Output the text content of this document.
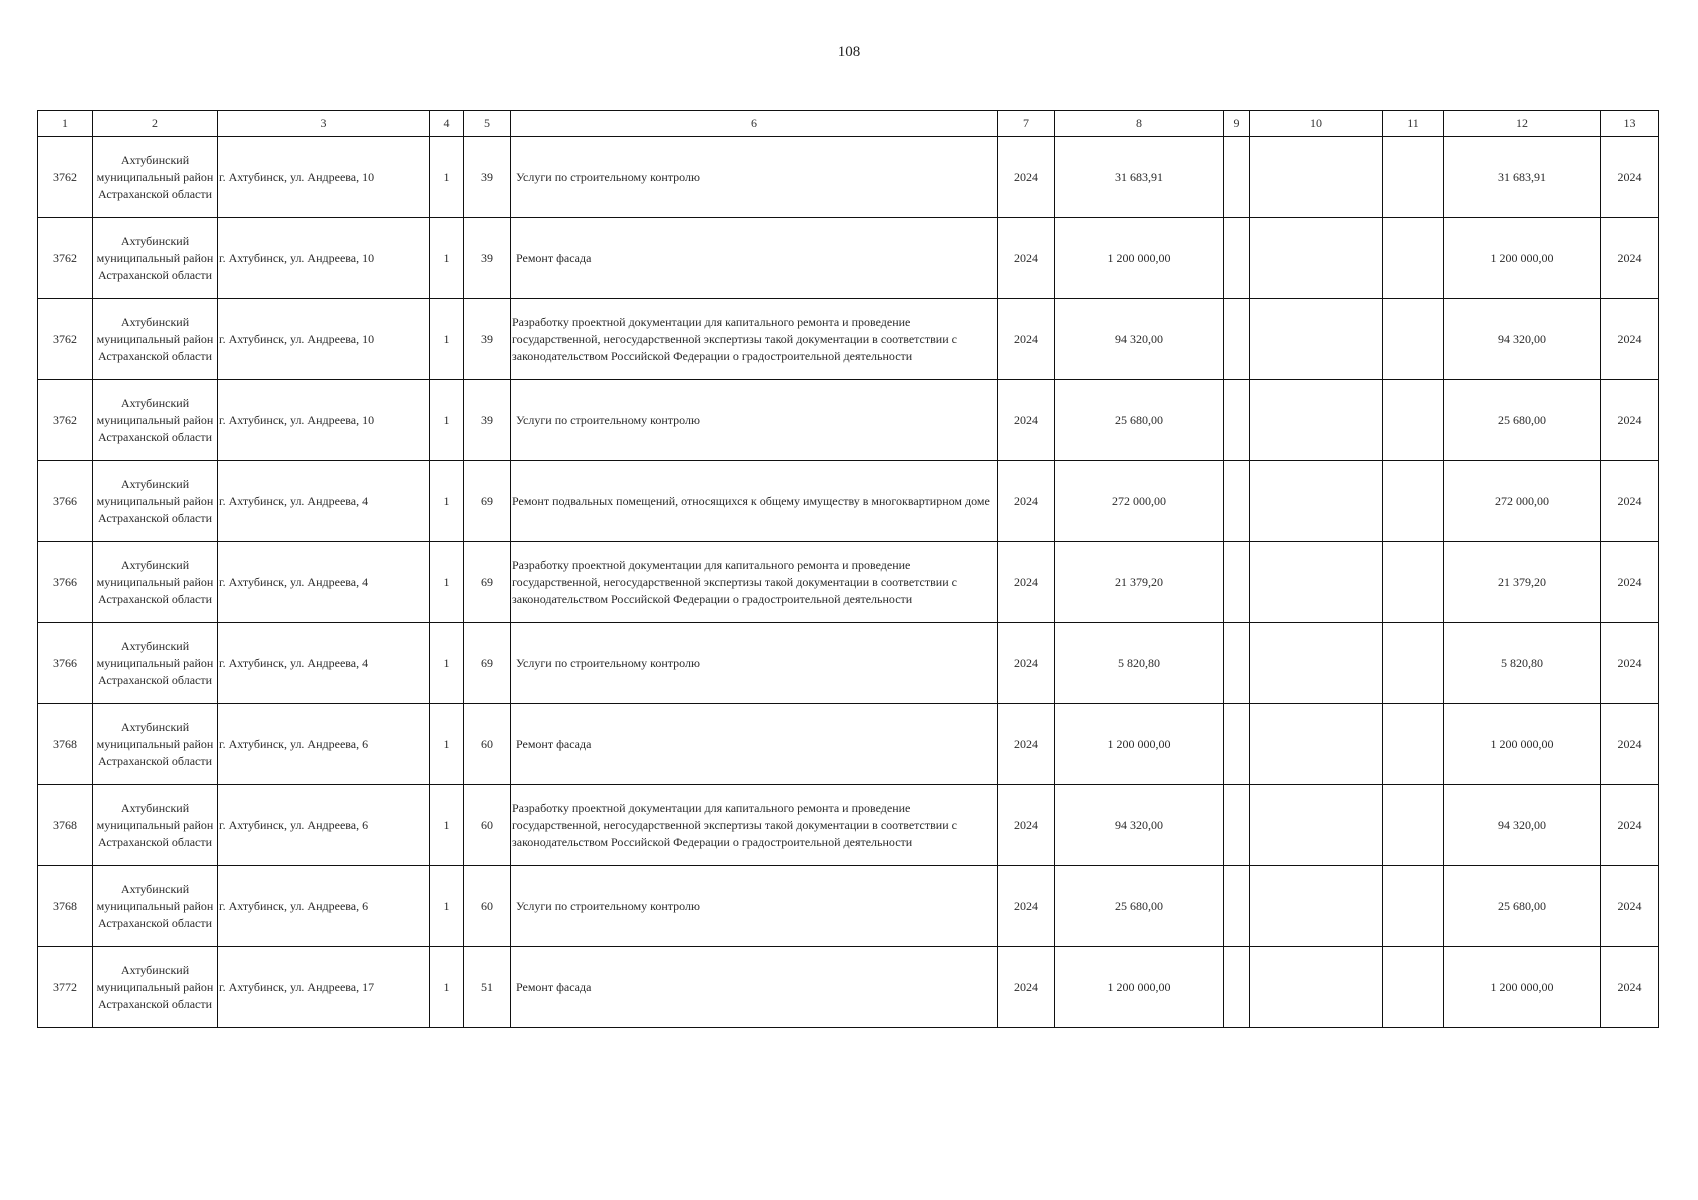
108
1	2	3	4	5	6	7	8	9	10	11	12	13
3762	Ахтубинский муниципальный район Астраханской области	г. Ахтубинск, ул. Андреева, 10	1	39	Услуги по строительному контролю	2024	31 683,91				31 683,91	2024
3762	Ахтубинский муниципальный район Астраханской области	г. Ахтубинск, ул. Андреева, 10	1	39	Ремонт фасада	2024	1 200 000,00				1 200 000,00	2024
3762	Ахтубинский муниципальный район Астраханской области	г. Ахтубинск, ул. Андреева, 10	1	39	Разработку проектной документации для капитального ремонта и проведение государственной, негосударственной экспертизы такой документации в соответствии с законодательством Российской Федерации о градостроительной деятельности	2024	94 320,00				94 320,00	2024
3762	Ахтубинский муниципальный район Астраханской области	г. Ахтубинск, ул. Андреева, 10	1	39	Услуги по строительному контролю	2024	25 680,00				25 680,00	2024
3766	Ахтубинский муниципальный район Астраханской области	г. Ахтубинск, ул. Андреева, 4	1	69	Ремонт подвальных помещений, относящихся к общему имуществу в многоквартирном доме	2024	272 000,00				272 000,00	2024
3766	Ахтубинский муниципальный район Астраханской области	г. Ахтубинск, ул. Андреева, 4	1	69	Разработку проектной документации для капитального ремонта и проведение государственной, негосударственной экспертизы такой документации в соответствии с законодательством Российской Федерации о градостроительной деятельности	2024	21 379,20				21 379,20	2024
3766	Ахтубинский муниципальный район Астраханской области	г. Ахтубинск, ул. Андреева, 4	1	69	Услуги по строительному контролю	2024	5 820,80				5 820,80	2024
3768	Ахтубинский муниципальный район Астраханской области	г. Ахтубинск, ул. Андреева, 6	1	60	Ремонт фасада	2024	1 200 000,00				1 200 000,00	2024
3768	Ахтубинский муниципальный район Астраханской области	г. Ахтубинск, ул. Андреева, 6	1	60	Разработку проектной документации для капитального ремонта и проведение государственной, негосударственной экспертизы такой документации в соответствии с законодательством Российской Федерации о градостроительной деятельности	2024	94 320,00				94 320,00	2024
3768	Ахтубинский муниципальный район Астраханской области	г. Ахтубинск, ул. Андреева, 6	1	60	Услуги по строительному контролю	2024	25 680,00				25 680,00	2024
3772	Ахтубинский муниципальный район Астраханской области	г. Ахтубинск, ул. Андреева, 17	1	51	Ремонт фасада	2024	1 200 000,00				1 200 000,00	2024
